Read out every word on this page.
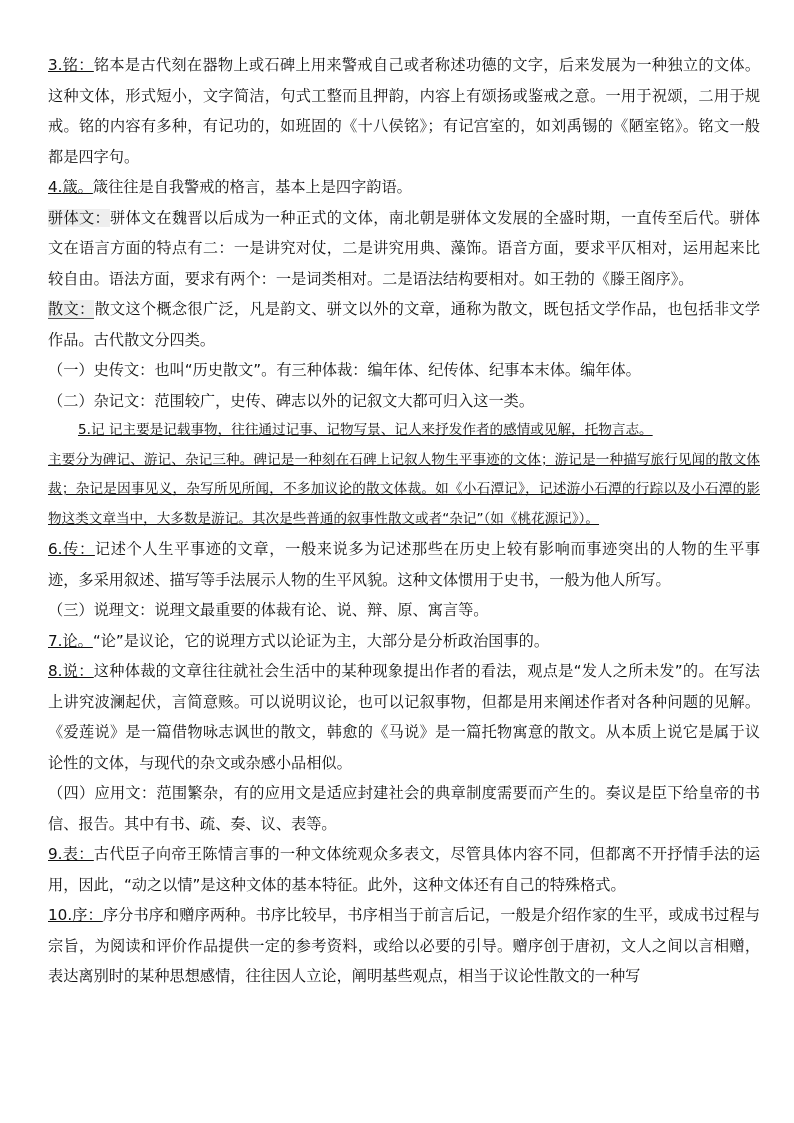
3.铭：铭本是古代刻在器物上或石碑上用来警戒自己或者称述功德的文字，后来发展为一种独立的文体。这种文体，形式短小，文字简洁，句式工整而且押韵，内容上有颂扬或鉴戒之意。一用于祝颂，二用于规戒。铭的内容有多种，有记功的，如班固的《十八侯铭》；有记宫室的，如刘禹锡的《陋室铭》。铭文一般都是四字句。

4.箴。箴往往是自我警戒的格言，基本上是四字韵语。

骈体文：骈体文在魏晋以后成为一种正式的文体，南北朝是骈体文发展的全盛时期，一直传至后代。骈体文在语言方面的特点有二：一是讲究对仗，二是讲究用典、藻饰。语音方面，要求平仄相对，运用起来比较自由。语法方面，要求有两个：一是词类相对。二是语法结构要相对。如王勃的《滕王阁序》。

散文：散文这个概念很广泛，凡是韵文、骈文以外的文章，通称为散文，既包括文学作品，也包括非文学作品。古代散文分四类。

（一）史传文：也叫“历史散文”。有三种体裁：编年体、纪传体、纪事本末体。编年体。

（二）杂记文：范围较广，史传、碑志以外的记叙文大都可归入这一类。

5.记 记主要是记载事物，往往通过记事、记物写景、记人来抒发作者的感情或见解，托物言志。

主要分为碑记、游记、杂记三种。碑记是一种刻在石碑上记叙人物生平事迹的文体；游记是一种描写旅行见闻的散文体裁；杂记是因事见义，杂写所见所闻，不多加议论的散文体裁。如《小石潭记》，记述游小石潭的行踪以及小石潭的影物这类文章当中，大多数是游记。其次是些普通的叙事性散文或者“杂记”（如《桃花源记》）。

6.传：记述个人生平事迹的文章，一般来说多为记述那些在历史上较有影响而事迹突出的人物的生平事迹，多采用叙述、描写等手法展示人物的生平风貌。这种文体惯用于史书，一般为他人所写。

（三）说理文：说理文最重要的体裁有论、说、辩、原、寓言等。

7.论。“论”是议论，它的说理方式以论证为主，大部分是分析政治国事的。

8.说：这种体裁的文章往往就社会生活中的某种现象提出作者的看法，观点是“发人之所未发”的。在写法上讲究波澜起伏，言简意赅。可以说明议论，也可以记叙事物，但都是用来阐述作者对各种问题的见解。《爱莲说》是一篇借物咏志讽世的散文，韩愈的《马说》是一篇托物寓意的散文。从本质上说它是属于议论性的文体，与现代的杂文或杂感小品相似。

（四）应用文：范围繁杂，有的应用文是适应封建社会的典章制度需要而产生的。奏议是臣下给皇帝的书信、报告。其中有书、疏、奏、议、表等。

9.表：古代臣子向帝王陈情言事的一种文体统观众多表文，尽管具体内容不同，但都离不开抒情手法的运用，因此，“动之以情”是这种文体的基本特征。此外，这种文体还有自己的特殊格式。

10.序：序分书序和赠序两种。书序比较早，书序相当于前言后记，一般是介绍作家的生平，或成书过程与宗旨，为阅读和评价作品提供一定的参考资料，或给以必要的引导。赠序创于唐初，文人之间以言相赠，表达离别时的某种思想感情，往往因人立论，阐明基些观点，相当于议论性散文的一种写
